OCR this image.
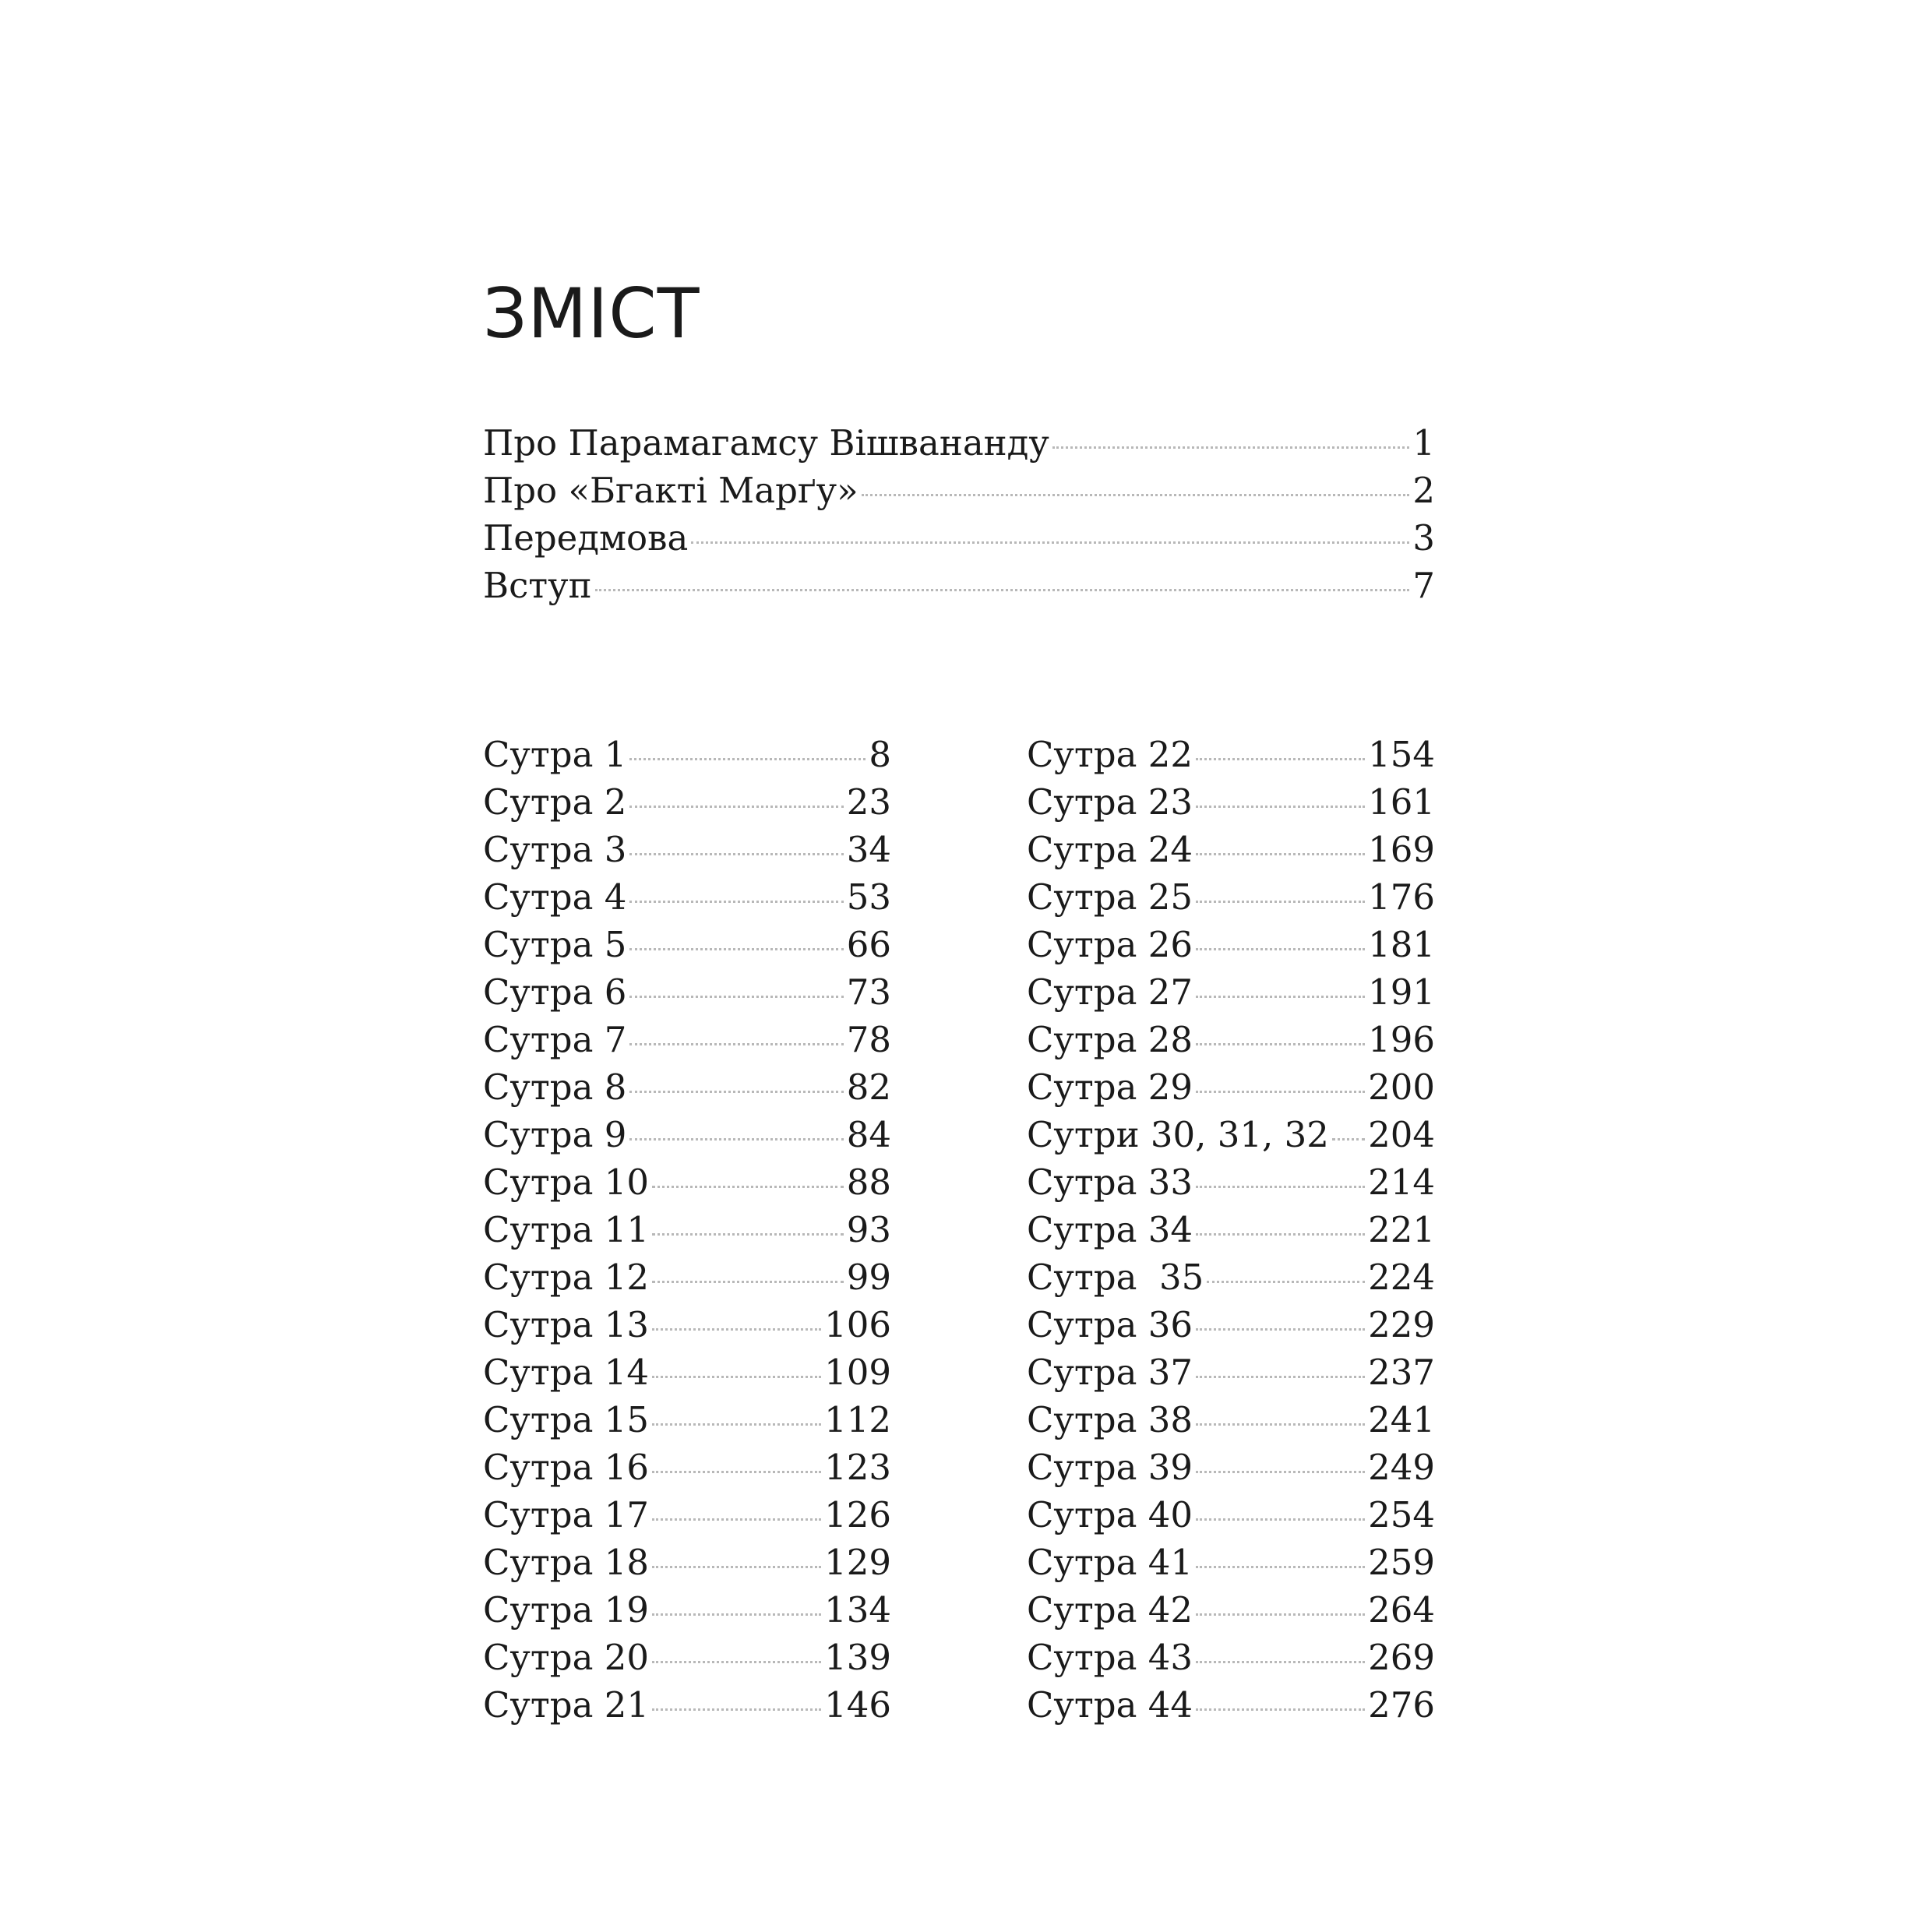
ЗМІСТ
Про Парамагамсу Вішвананду	1
Про «Бгакті Марґу»	2
Передмова	3
Вступ	7
Сутра 1	8
Сутра 2	23
Сутра 3	34
Сутра 4	53
Сутра 5	66
Сутра 6	73
Сутра 7	78
Сутра 8	82
Сутра 9	84
Сутра 10	88
Сутра 11	93
Сутра 12	99
Сутра 13	106
Сутра 14	109
Сутра 15	112
Сутра 16	123
Сутра 17	126
Сутра 18	129
Сутра 19	134
Сутра 20	139
Сутра 21	146
Сутра 22	154
Сутра 23	161
Сутра 24	169
Сутра 25	176
Сутра 26	181
Сутра 27	191
Сутра 28	196
Сутра 29	200
Сутри 30, 31, 32 204
Сутра 33	214
Сутра 34	221
Сутра  35	224
Сутра 36	229
Сутра 37	237
Сутра 38	241
Сутра 39	249
Сутра 40	254
Сутра 41	259
Сутра 42	264
Сутра 43	269
Сутра 44	276
